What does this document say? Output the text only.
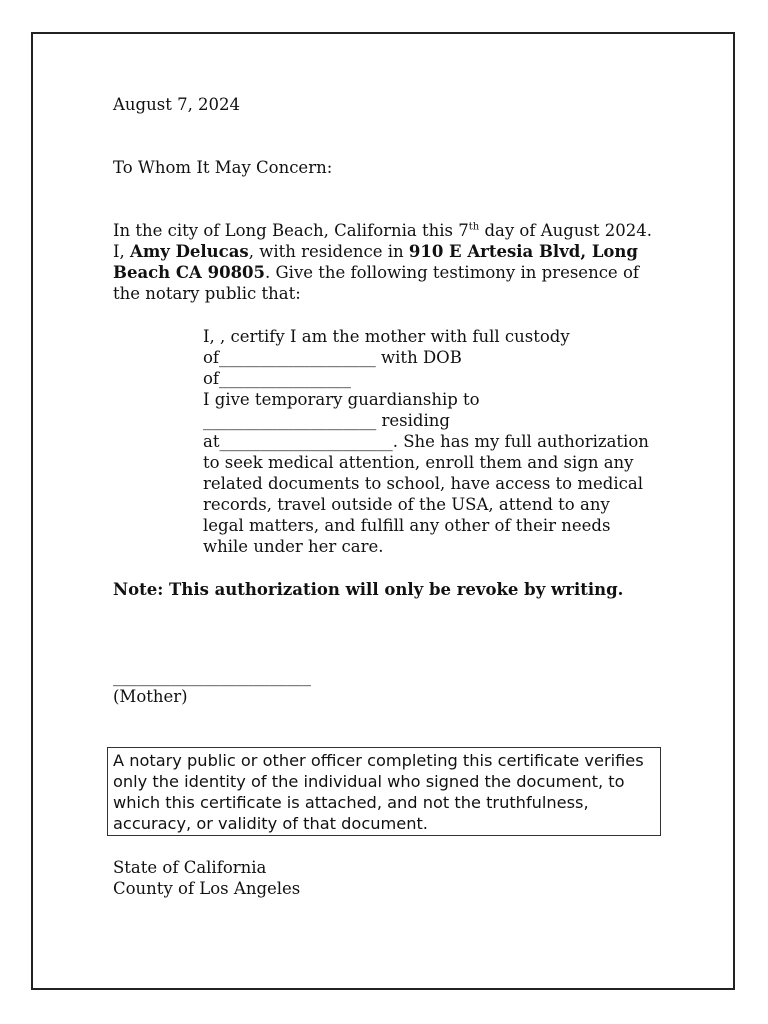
August 7, 2024

To Whom It May Concern:

In the city of Long Beach, California this 7th day of August 2024. I, Amy Delucas, with residence in 910 E Artesia Blvd, Long Beach CA 90805. Give the following testimony in presence of the notary public that:

I, , certify I am the mother with full custody
of___________________ with DOB
of________________
I give temporary guardianship to
_____________________ residing
at_____________________. She has my full authorization to seek medical attention, enroll them and sign any related documents to school, have access to medical records, travel outside of the USA, attend to any legal matters, and fulfill any other of their needs while under her care.

Note: This authorization will only be revoke by writing.

________________________

(Mother)

A notary public or other officer completing this certificate verifies only the identity of the individual who signed the document, to which this certificate is attached, and not the truthfulness, accuracy, or validity of that document.

State of California

County of Los Angeles
